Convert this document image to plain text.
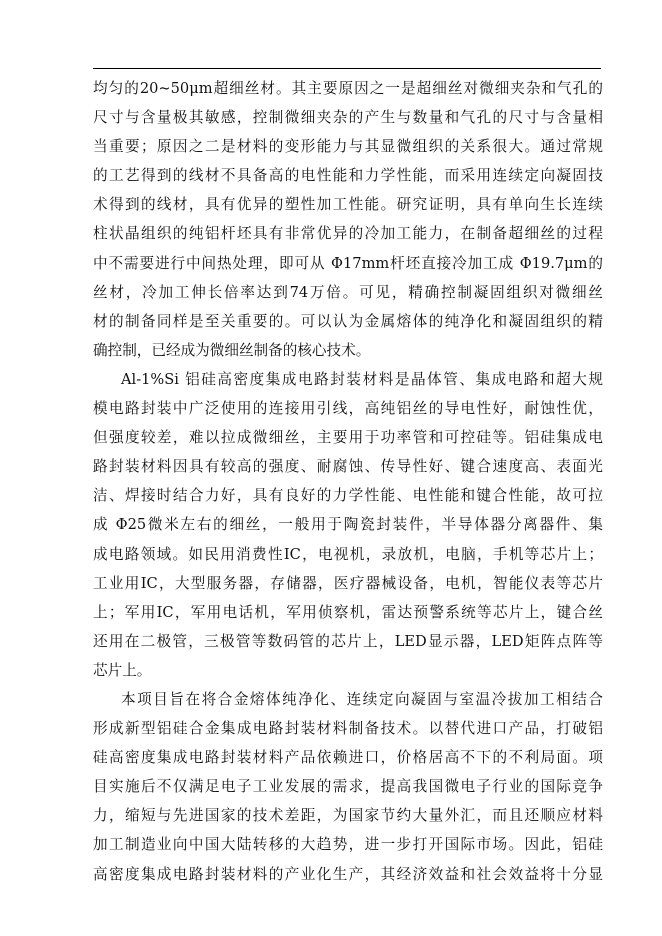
均匀的20~50μm超细丝材。其主要原因之一是超细丝对微细夹杂和气孔的
尺寸与含量极其敏感，控制微细夹杂的产生与数量和气孔的尺寸与含量相
当重要；原因之二是材料的变形能力与其显微组织的关系很大。通过常规
的工艺得到的线材不具备高的电性能和力学性能，而采用连续定向凝固技
术得到的线材，具有优异的塑性加工性能。研究证明，具有单向生长连续
柱状晶组织的纯铝杆坯具有非常优异的冷加工能力，在制备超细丝的过程
中不需要进行中间热处理，即可从 Φ17mm杆坯直接冷加工成 Φ19.7μm的
丝材，冷加工伸长倍率达到74万倍。可见，精确控制凝固组织对微细丝
材的制备同样是至关重要的。可以认为金属熔体的纯净化和凝固组织的精
确控制，已经成为微细丝制备的核心技术。
Al-1%Si 铝硅高密度集成电路封装材料是晶体管、集成电路和超大规
模电路封装中广泛使用的连接用引线，高纯铝丝的导电性好，耐蚀性优，
但强度较差，难以拉成微细丝，主要用于功率管和可控硅等。铝硅集成电
路封装材料因具有较高的强度、耐腐蚀、传导性好、键合速度高、表面光
洁、焊接时结合力好，具有良好的力学性能、电性能和键合性能，故可拉
成 Φ25微米左右的细丝，一般用于陶瓷封装件，半导体器分离器件、集
成电路领域。如民用消费性IC，电视机，录放机，电脑，手机等芯片上；
工业用IC，大型服务器，存储器，医疗器械设备，电机，智能仪表等芯片
上；军用IC，军用电话机，军用侦察机，雷达预警系统等芯片上，键合丝
还用在二极管，三极管等数码管的芯片上，LED显示器，LED矩阵点阵等
芯片上。
本项目旨在将合金熔体纯净化、连续定向凝固与室温冷拔加工相结合
形成新型铝硅合金集成电路封装材料制备技术。以替代进口产品，打破铝
硅高密度集成电路封装材料产品依赖进口，价格居高不下的不利局面。项
目实施后不仅满足电子工业发展的需求，提高我国微电子行业的国际竞争
力，缩短与先进国家的技术差距，为国家节约大量外汇，而且还顺应材料
加工制造业向中国大陆转移的大趋势，进一步打开国际市场。因此，铝硅
高密度集成电路封装材料的产业化生产，其经济效益和社会效益将十分显
